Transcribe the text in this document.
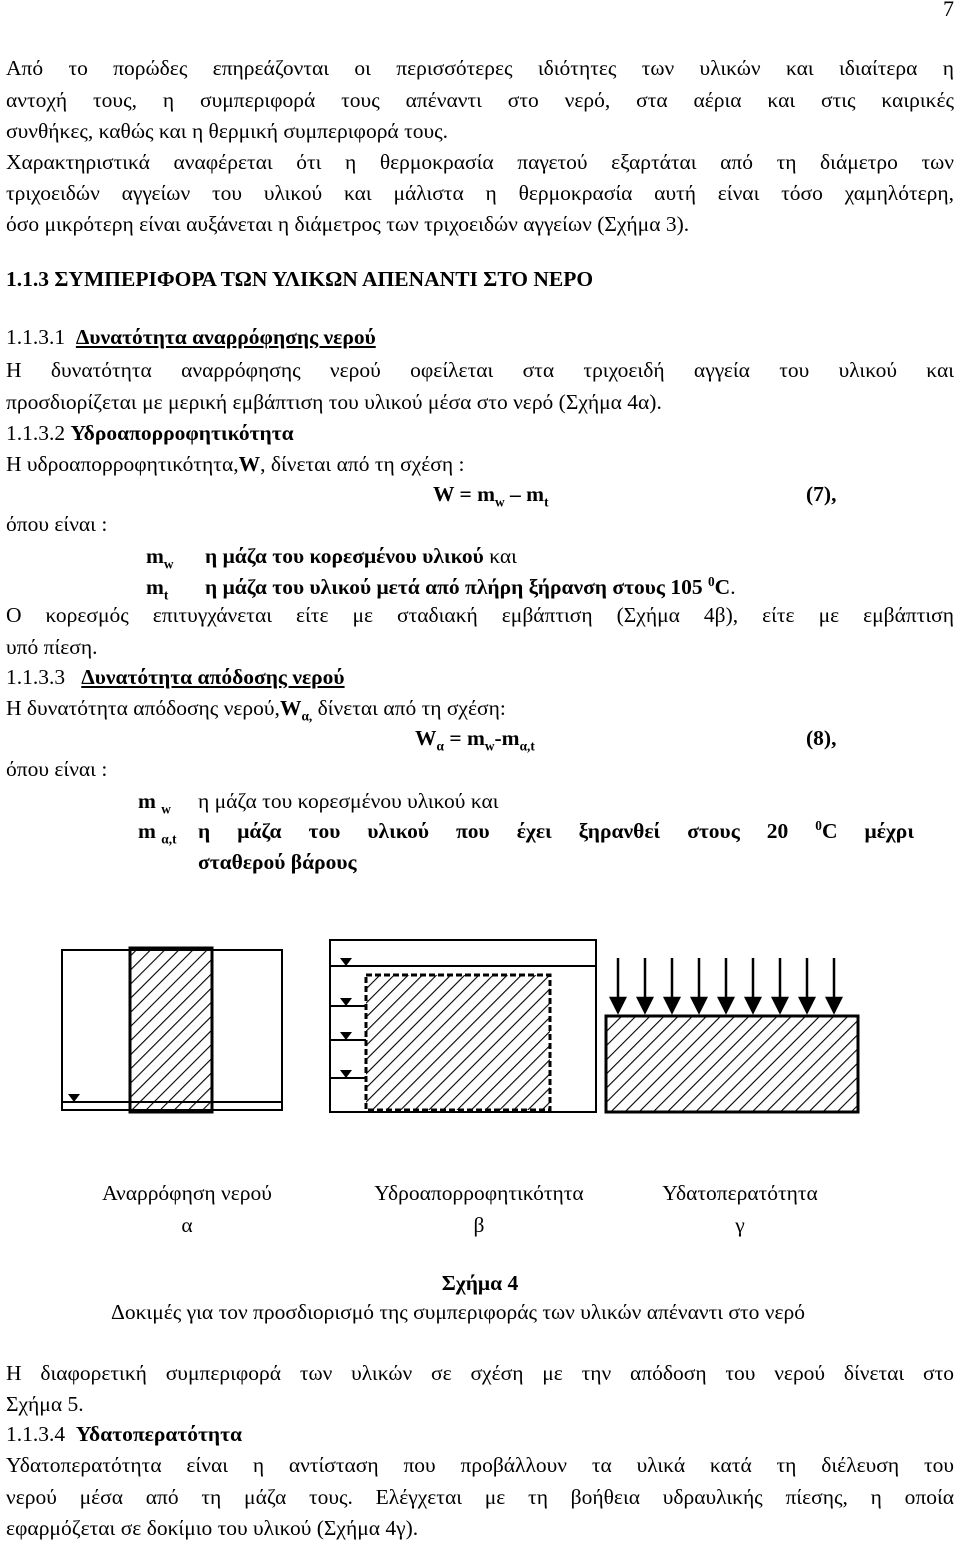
7
Από το πορώδες επηρεάζονται οι περισσότερες ιδιότητες των υλικών και ιδιαίτερα η
αντοχή τους, η συμπεριφορά τους απέναντι στο νερό, στα αέρια και στις καιρικές
συνθήκες, καθώς και η θερμική συμπεριφορά τους.
Χαρακτηριστικά αναφέρεται ότι η θερμοκρασία παγετού εξαρτάται από τη διάμετρο των
τριχοειδών αγγείων του υλικού και μάλιστα η θερμοκρασία αυτή είναι τόσο χαμηλότερη,
όσο μικρότερη είναι αυξάνεται η διάμετρος των τριχοειδών αγγείων (Σχήμα 3).
1.1.3 ΣΥΜΠΕΡΙΦΟΡΑ ΤΩΝ ΥΛΙΚΩΝ ΑΠΕΝΑΝΤΙ ΣΤΟ ΝΕΡΟ
1.1.3.1 Δυνατότητα αναρρόφησης νερού
Η δυνατότητα αναρρόφησης νερού οφείλεται στα τριχοειδή αγγεία του υλικού και
προσδιορίζεται με μερική εμβάπτιση του υλικού μέσα στο νερό (Σχήμα 4α).
1.1.3.2 Υδροαπορροφητικότητα
Η υδροαπορροφητικότητα,W, δίνεται από τη σχέση :
$W = m_w - m_t$	(7),
όπου είναι :
$m_w$ η μάζα του κορεσμένου υλικού και
$m_t$ η μάζα του υλικού μετά από πλήρη ξήρανση στους 105 $^0$C.
Ο κορεσμός επιτυγχάνεται είτε με σταδιακή εμβάπτιση (Σχήμα 4β), είτε με εμβάπτιση
υπό πίεση.
1.1.3.3 Δυνατότητα απόδοσης νερού
Η δυνατότητα απόδοσης $\nu\varepsilon\rho oύ,W_{\alpha,}$ δίνεται από τη σχέση:
$W_\alpha = m_w-m_{\alpha,t}$	(8),
όπου είναι :
m $_w$ η μάζα του κορεσμένου υλικού και
m $_{\alpha,t}$ η μάζα του υλικού που έχει ξηρανθεί στους 20 $^0$C μέχρι
σταθερού βάρους
Αναρρόφηση νερού
α
Υδροαπορροφητικότητα
β
Υδατοπερατότητα
γ
Σχήμα 4
Δοκιμές για τον προσδιορισμό της συμπεριφοράς των υλικών απέναντι στο νερό
Η διαφορετική συμπεριφορά των υλικών σε σχέση με την απόδοση του νερού δίνεται στο
Σχήμα 5.
1.1.3.4 Υδατοπερατότητα
Υδατοπερατότητα είναι η αντίσταση που προβάλλουν τα υλικά κατά τη διέλευση του
νερού μέσα από τη μάζα τους. Ελέγχεται με τη βοήθεια υδραυλικής πίεσης, η οποία
εφαρμόζεται σε δοκίμιο του υλικού (Σχήμα 4γ).
